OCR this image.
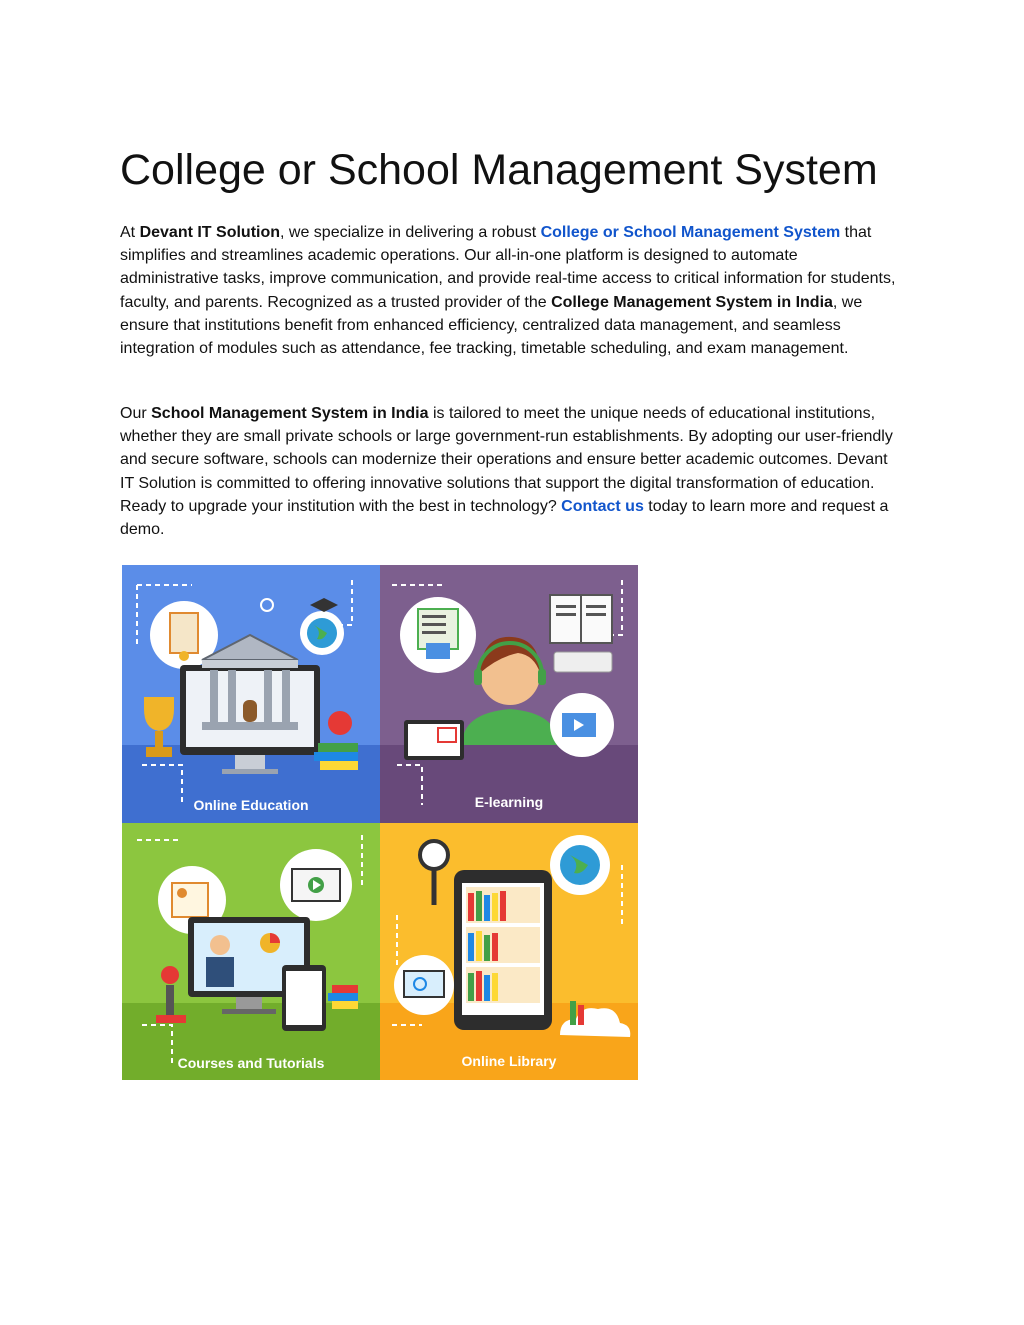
College or School Management System

At Devant IT Solution, we specialize in delivering a robust College or School Management System that simplifies and streamlines academic operations. Our all-in-one platform is designed to automate administrative tasks, improve communication, and provide real-time access to critical information for students, faculty, and parents. Recognized as a trusted provider of the College Management System in India, we ensure that institutions benefit from enhanced efficiency, centralized data management, and seamless integration of modules such as attendance, fee tracking, timetable scheduling, and exam management.

Our School Management System in India is tailored to meet the unique needs of educational institutions, whether they are small private schools or large government-run establishments. By adopting our user-friendly and secure software, schools can modernize their operations and ensure better academic outcomes. Devant IT Solution is committed to offering innovative solutions that support the digital transformation of education. Ready to upgrade your institution with the best in technology? Contact us today to learn more and request a demo.

Online Education	E-learning
Courses and Tutorials	Online Library
